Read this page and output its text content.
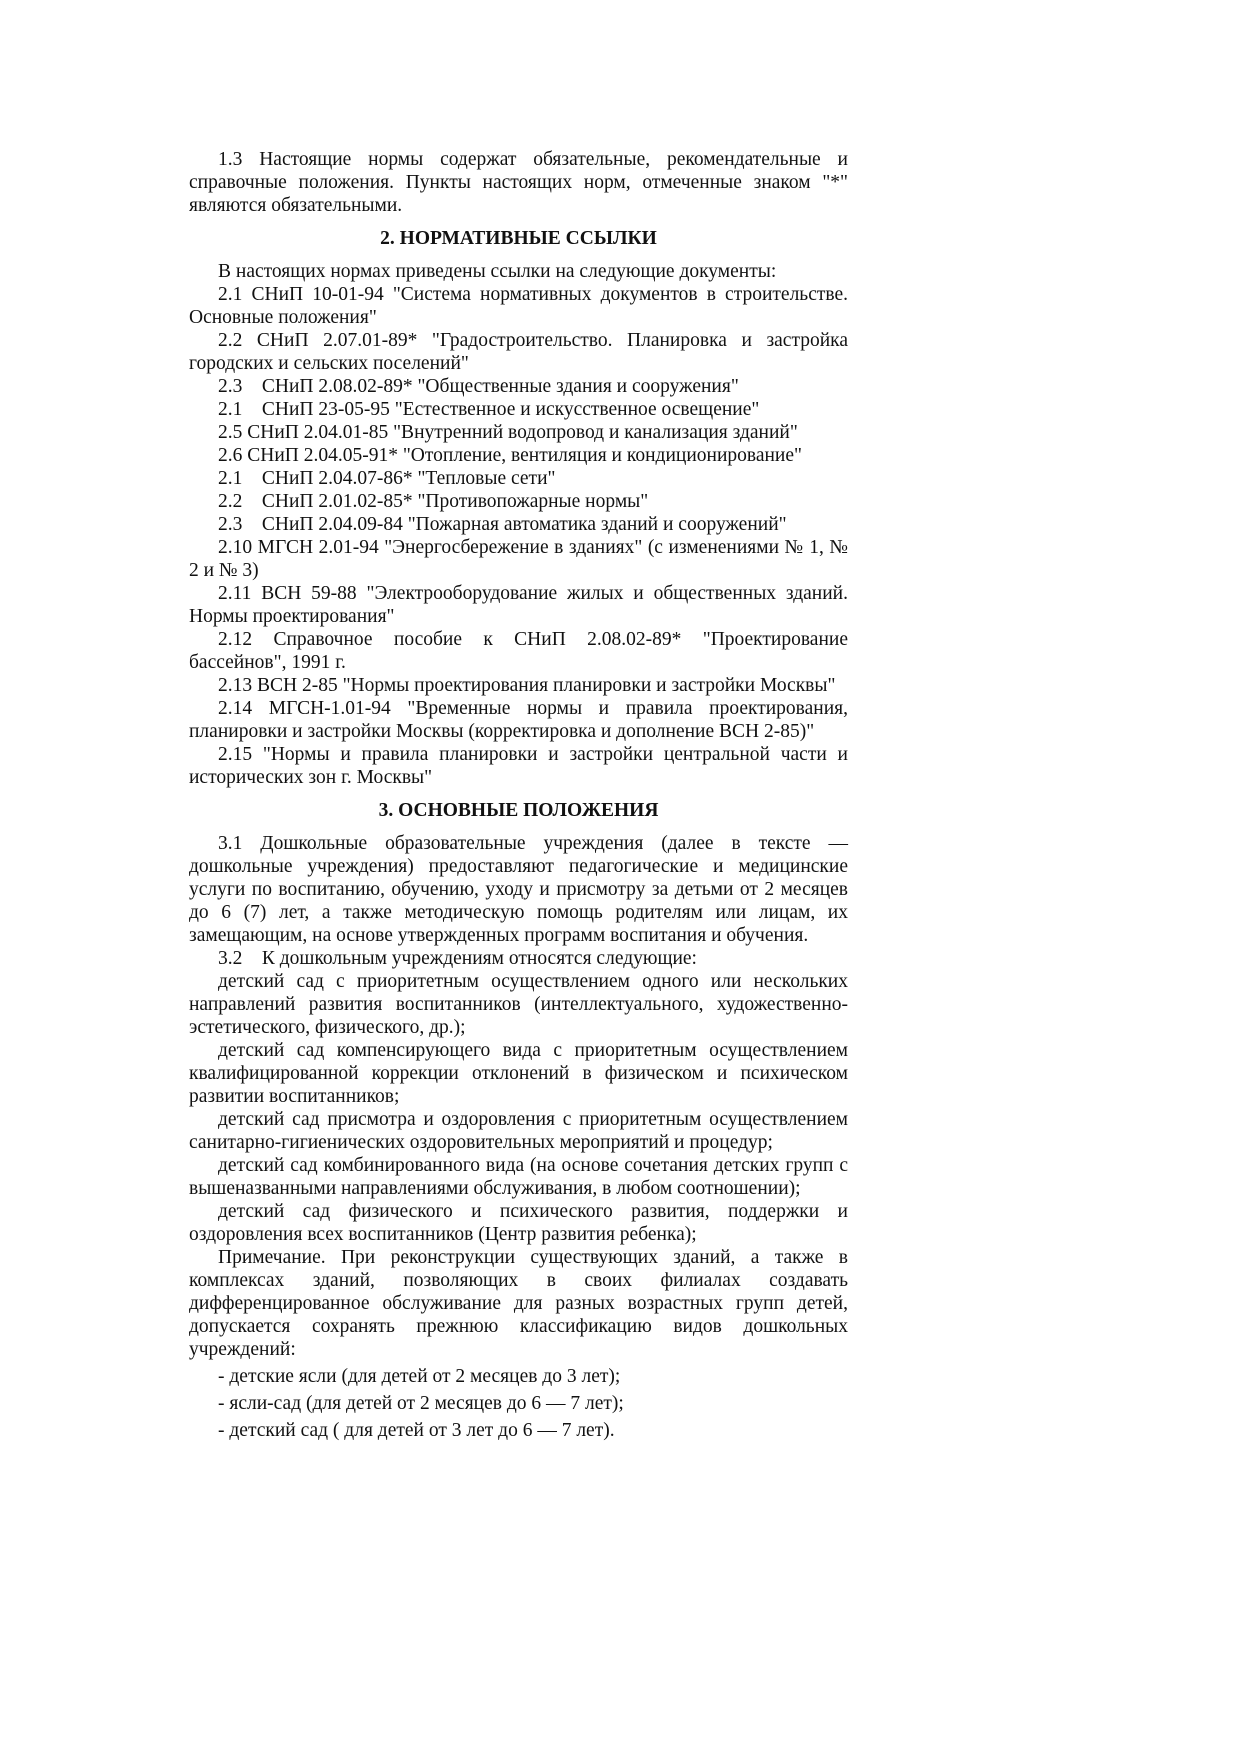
1.3 Настоящие нормы содержат обязательные, рекомендательные и справочные положения. Пункты настоящих норм, отмеченные знаком "*" являются обязательными.

2. НОРМАТИВНЫЕ ССЫЛКИ

В настоящих нормах приведены ссылки на следующие документы:

2.1 СНиП 10-01-94 "Система нормативных документов в строительстве. Основные положения"

2.2 СНиП 2.07.01-89* "Градостроительство. Планировка и застройка городских и сельских поселений"

2.3    СНиП 2.08.02-89* "Общественные здания и сооружения"

2.1    СНиП 23-05-95 "Естественное и искусственное освещение"

2.5 СНиП 2.04.01-85 "Внутренний водопровод и канализация зданий"

2.6 СНиП 2.04.05-91* "Отопление, вентиляция и кондиционирование"

2.1    СНиП 2.04.07-86* "Тепловые сети"

2.2    СНиП 2.01.02-85* "Противопожарные нормы"

2.3    СНиП 2.04.09-84 "Пожарная автоматика зданий и сооружений"

2.10 МГСН 2.01-94 "Энергосбережение в зданиях" (с изменениями № 1, № 2 и № 3)

2.11 ВСН 59-88 "Электрооборудование жилых и общественных зданий. Нормы проектирования"

2.12 Справочное пособие к СНиП 2.08.02-89* "Проектирование бассейнов", 1991 г.

2.13 ВСН 2-85 "Нормы проектирования планировки и застройки Москвы"

2.14 МГСН-1.01-94 "Временные нормы и правила проектирования, планировки и застройки Москвы (корректировка и дополнение ВСН 2-85)"

2.15 "Нормы и правила планировки и застройки центральной части и исторических зон г. Москвы"

3. ОСНОВНЫЕ ПОЛОЖЕНИЯ

3.1 Дошкольные образовательные учреждения (далее в тексте — дошкольные учреждения) предоставляют педагогические и медицинские услуги по воспитанию, обучению, уходу и присмотру за детьми от 2 месяцев до 6 (7) лет, а также методическую помощь родителям или лицам, их замещающим, на основе утвержденных программ воспитания и обучения.

3.2    К дошкольным учреждениям относятся следующие:

детский сад с приоритетным осуществлением одного или нескольких направлений развития воспитанников (интеллектуального, художественно-эстетического, физического, др.);

детский сад компенсирующего вида с приоритетным осуществлением квалифицированной коррекции отклонений в физическом и психическом развитии воспитанников;

детский сад присмотра и оздоровления с приоритетным осуществлением санитарно-гигиенических оздоровительных мероприятий и процедур;

детский сад комбинированного вида (на основе сочетания детских групп с вышеназванными направлениями обслуживания, в любом соотношении);

детский сад физического и психического развития, поддержки и оздоровления всех воспитанников (Центр развития ребенка);

Примечание. При реконструкции существующих зданий, а также в комплексах зданий, позволяющих в своих филиалах создавать дифференцированное обслуживание для разных возрастных групп детей, допускается сохранять прежнюю классификацию видов дошкольных учреждений:

- детские ясли (для детей от 2 месяцев до 3 лет);

- ясли-сад (для детей от 2 месяцев до 6 — 7 лет);

- детский сад ( для детей от 3 лет до 6 — 7 лет).
